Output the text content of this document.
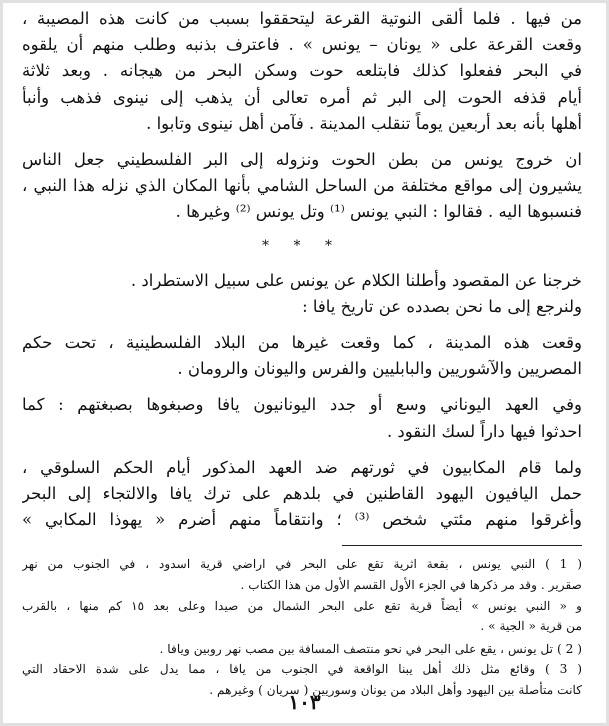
من فيها . فلما ألقى النوتية القرعة ليتحققوا بسبب من كانت هذه المصيبة ،
وقعت القرعة على « يونان – يونس » . فاعترف بذنبه وطلب منهم أن يلقوه
في البحر ففعلوا كذلك فابتلعه حوت وسكن البحر من هيجانه . وبعد ثلاثة
أيام قذفه الحوت إلى البر ثم أمره تعالى أن يذهب إلى نينوى فذهب وأنبأ
أهلها بأنه بعد أربعين يوماً تنقلب المدينة . فآمن أهل نينوى وتابوا .
ان خروج يونس من بطن الحوت ونزوله إلى البر الفلسطيني جعل الناس
يشيرون إلى مواقع مختلفة من الساحل الشامي بأنها المكان الذي نزله هذا النبي ،
فنسبوها اليه . فقالوا : النبي يونس ⁽¹⁾ وتل يونس ⁽²⁾ وغيرها .
* * *
خرجنا عن المقصود وأطلنا الكلام عن يونس على سبيل الاستطراد .
ولنرجع إلى ما نحن بصدده عن تاريخ يافا :
وقعت هذه المدينة ، كما وقعت غيرها من البلاد الفلسطينية ، تحت حكم
المصريين والآشوريين والبابليين والفرس واليونان والرومان .
وفي العهد اليوناني وسع أو جدد اليونانيون يافا وصبغوها بصبغتهم : كما
احدثوا فيها داراً لسك النقود .
ولما قام المكابيون في ثورتهم ضد العهد المذكور أيام الحكم السلوقي ،
حمل اليافيون اليهود القاطنين في بلدهم على ترك يافا والالتجاء إلى البحر
وأغرقوا منهم مئتي شخص ⁽³⁾ ؛ وانتقاماً منهم أضرم « يهوذا المكابي »
( 1 ) النبي يونس ، بقعة اثرية تقع على البحر في اراضي قرية اسدود ، في الجنوب من نهر
صقرير . وقد مر ذكرها في الجزء الأول القسم الأول من هذا الكتاب .
و « النبي يونس » أيضاً قرية تقع على البحر الشمال من صيدا وعلى بعد ١٥ كم منها ، بالقرب
من قرية « الجية » .
( 2 ) تل يونس ، يقع على البحر في نحو منتصف المسافة بين مصب نهر روبين ويافا .
( 3 ) وقائع مثل ذلك أهل يبنا الواقعة في الجنوب من يافا ، مما يدل على شدة الاحقاد التي
كانت متأصلة بين اليهود وأهل البلاد من يونان وسوريين ( سريان ) وغيرهم .
١٠٣
